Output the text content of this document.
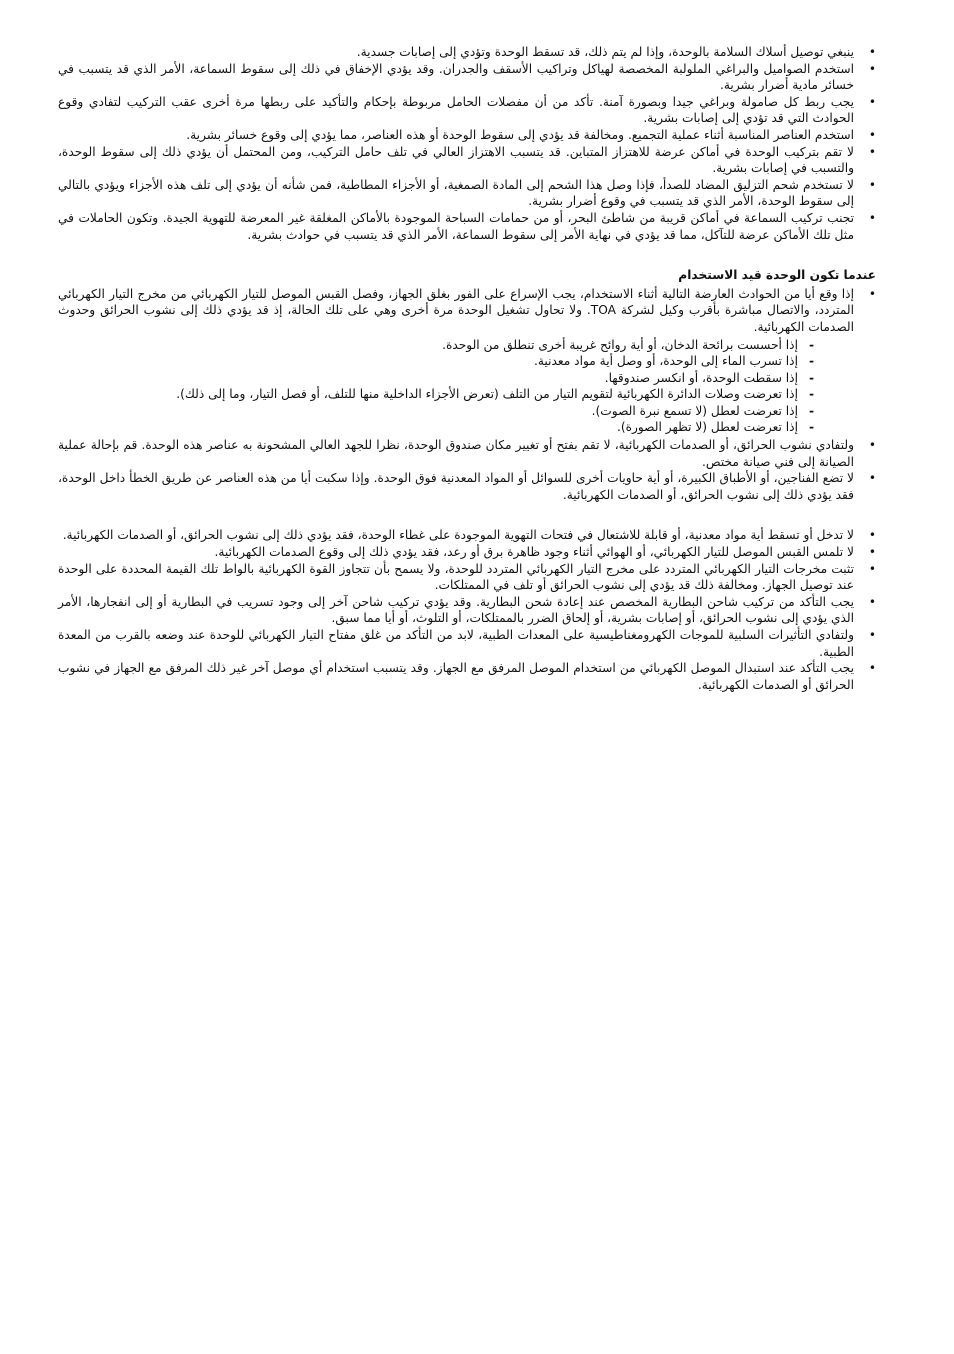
• ينبغي توصيل أسلاك السلامة بالوحدة، وإذا لم يتم ذلك، قد تسقط الوحدة وتؤدي إلى إصابات جسدية.
• استخدم الصواميل والبراغي الملولبة المخصصة لهياكل وتراكيب الأسقف والجدران. وقد يؤدي الإخفاق في ذلك إلى سقوط السماعة، الأمر الذي قد يتسبب في خسائر مادية أضرار بشرية.
• يجب ربط كل صامولة وبراغي جيدا وبصورة آمنة. تأكد من أن مفصلات الحامل مربوطة بإحكام والتأكيد على ربطها مرة أخرى عقب التركيب لتفادي وقوع الحوادث التي قد تؤدي إلى إصابات بشرية.
• استخدم العناصر المناسبة أثناء عملية التجميع. ومخالفة قد يؤدي إلى سقوط الوحدة أو هذه العناصر، مما يؤدي إلى وقوع خسائر بشرية.
• لا تقم بتركيب الوحدة في أماكن عرضة للاهتزاز المتباين. قد يتسبب الاهتزاز العالي في تلف حامل التركيب، ومن المحتمل أن يؤدي ذلك إلى سقوط الوحدة، والتسبب في إصابات بشرية.
• لا تستخدم شحم التزليق المضاد للصدأ، فإذا وصل هذا الشحم إلى المادة الصمغية، أو الأجزاء المطاطية، فمن شأنه أن يؤدي إلى تلف هذه الأجزاء ويؤدي بالتالي إلى سقوط الوحدة، الأمر الذي قد يتسبب في وقوع أضرار بشرية.
• تجنب تركيب السماعة في أماكن قريبة من شاطئ البحر، أو من حمامات السباحة الموجودة بالأماكن المغلقة غير المعرضة للتهوية الجيدة. وتكون الحاملات في مثل تلك الأماكن عرضة للتآكل، مما قد يؤدي في نهاية الأمر إلى سقوط السماعة، الأمر الذي قد يتسبب في حوادث بشرية.
عندما تكون الوحدة قيد الاستخدام
• إذا وقع أيا من الحوادث العارضة التالية أثناء الاستخدام، يجب الإسراع على الفور بغلق الجهاز، وفصل القبس الموصل للتيار الكهربائي من مخرج التيار الكهربائي المتردد، والاتصال مباشرة بأقرب وكيل لشركة TOA. ولا تحاول تشغيل الوحدة مرة أخرى وهي على تلك الحالة، إذ قد يؤدي ذلك إلى نشوب الحرائق وحدوث الصدمات الكهربائية.
- إذا أحسست برائحة الدخان، أو أية روائح غريبة أخرى تنطلق من الوحدة.
- إذا تسرب الماء إلى الوحدة، أو وصل أية مواد معدنية.
- إذا سقطت الوحدة، أو انكسر صندوقها.
- إذا تعرضت وصلات الدائرة الكهربائية لتقويم التيار من التلف (تعرض الأجزاء الداخلية منها للتلف، أو فصل التيار، وما إلى ذلك).
- إذا تعرضت لعطل (لا تسمع نبرة الصوت).
- إذا تعرضت لعطل (لا تظهر الصورة).
• ولتفادي نشوب الحرائق، أو الصدمات الكهربائية، لا تقم بفتح أو تغيير مكان صندوق الوحدة، نظرا للجهد العالي المشحونة به عناصر هذه الوحدة. قم بإحالة عملية الصيانة إلى فني صيانة مختص.
• لا تضع الفناجين، أو الأطباق الكبيرة، أو أية حاويات أخرى للسوائل أو المواد المعدنية فوق الوحدة. وإذا سكبت أيا من هذه العناصر عن طريق الخطأ داخل الوحدة، فقد يؤدي ذلك إلى نشوب الحرائق، أو الصدمات الكهربائية.
• لا تدخل أو تسقط أية مواد معدنية، أو قابلة للاشتعال في فتحات التهوية الموجودة على غطاء الوحدة، فقد يؤدي ذلك إلى نشوب الحرائق، أو الصدمات الكهربائية.
• لا تلمس القبس الموصل للتيار الكهربائي، أو الهوائي أثناء وجود ظاهرة برق أو رعد، فقد يؤدي ذلك إلى وقوع الصدمات الكهربائية.
• تثبت مخرجات التيار الكهربائي المتردد على مخرج التيار الكهربائي المتردد للوحدة، ولا يسمح بأن تتجاوز القوة الكهربائية بالواط تلك القيمة المحددة على الوحدة عند توصيل الجهاز. ومخالفة ذلك قد يؤدي إلى نشوب الحرائق أو تلف في الممتلكات.
• يجب التأكد من تركيب شاحن البطارية المخصص عند إعادة شحن البطارية. وقد يؤدي تركيب شاحن آخر إلى وجود تسريب في البطارية أو إلى انفجارها، الأمر الذي يؤدي إلى نشوب الحرائق، أو إصابات بشرية، أو إلحاق الضرر بالممتلكات، أو التلوث، أو أيا مما سبق.
• ولتفادي التأثيرات السلبية للموجات الكهرومغناطيسية على المعدات الطبية، لابد من التأكد من غلق مفتاح التيار الكهربائي للوحدة عند وضعه بالقرب من المعدة الطبية.
• يجب التأكد عند استبدال الموصل الكهربائي من استخدام الموصل المرفق مع الجهاز. وقد يتسبب استخدام أي موصل آخر غير ذلك المرفق مع الجهاز في نشوب الحرائق أو الصدمات الكهربائية.
